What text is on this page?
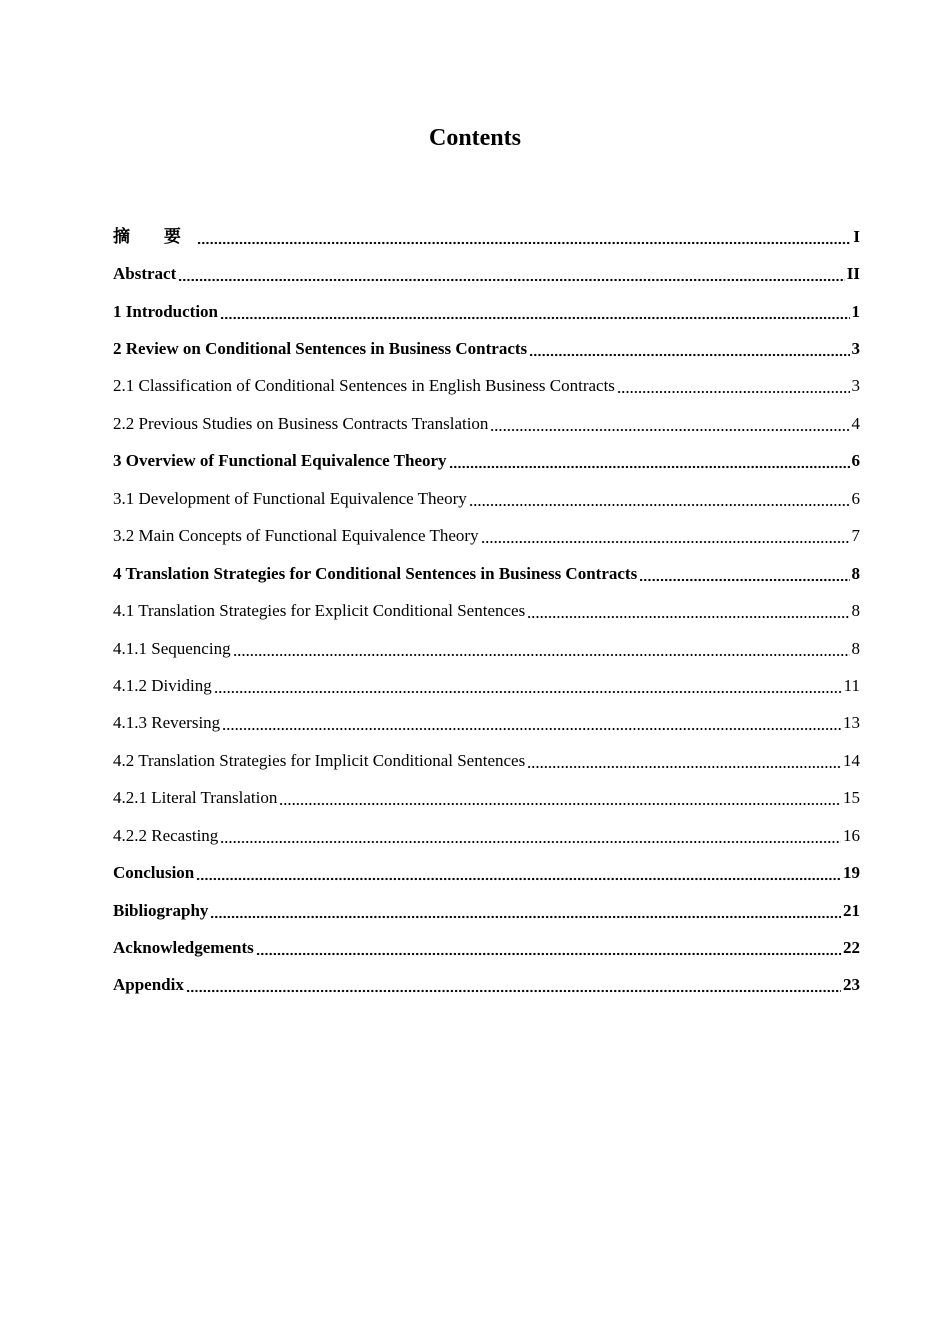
Contents
摘 要	I
Abstract	II
1 Introduction	1
2 Review on Conditional Sentences in Business Contracts	3
2.1 Classification of Conditional Sentences in English Business Contracts	3
2.2 Previous Studies on Business Contracts Translation	4
3 Overview of Functional Equivalence Theory	6
3.1 Development of Functional Equivalence Theory	6
3.2 Main Concepts of Functional Equivalence Theory	7
4 Translation Strategies for Conditional Sentences in Business Contracts	8
4.1 Translation Strategies for Explicit Conditional Sentences	8
4.1.1 Sequencing	8
4.1.2 Dividing	11
4.1.3 Reversing	13
4.2 Translation Strategies for Implicit Conditional Sentences	14
4.2.1 Literal Translation	15
4.2.2 Recasting	16
Conclusion	19
Bibliography	21
Acknowledgements	22
Appendix	23
